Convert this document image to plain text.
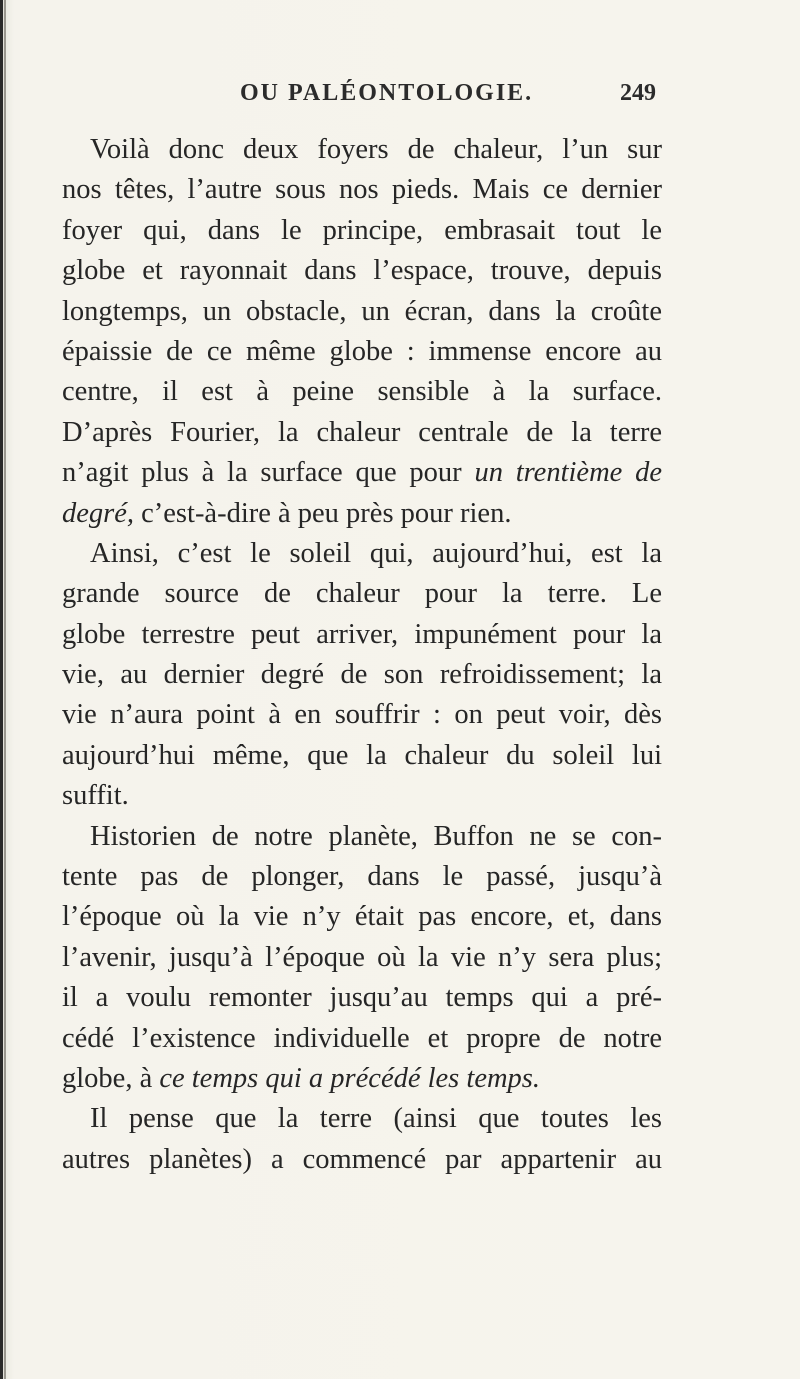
OU PALÉONTOLOGIE.	249
Voilà donc deux foyers de chaleur, l’un sur
nos têtes, l’autre sous nos pieds. Mais ce dernier
foyer qui, dans le principe, embrasait tout le
globe et rayonnait dans l’espace, trouve, depuis
longtemps, un obstacle, un écran, dans la croûte
épaissie de ce même globe : immense encore au
centre, il est à peine sensible à la surface.
D’après Fourier, la chaleur centrale de la terre
n’agit plus à la surface que pour un trentième de
degré, c’est-à-dire à peu près pour rien.
Ainsi, c’est le soleil qui, aujourd’hui, est la
grande source de chaleur pour la terre. Le
globe terrestre peut arriver, impunément pour la
vie, au dernier degré de son refroidissement; la
vie n’aura point à en souffrir : on peut voir, dès
aujourd’hui même, que la chaleur du soleil lui
suffit.
Historien de notre planète, Buffon ne se con-
tente pas de plonger, dans le passé, jusqu’à
l’époque où la vie n’y était pas encore, et, dans
l’avenir, jusqu’à l’époque où la vie n’y sera plus;
il a voulu remonter jusqu’au temps qui a pré-
cédé l’existence individuelle et propre de notre
globe, à ce temps qui a précédé les temps.
Il pense que la terre (ainsi que toutes les
autres planètes) a commencé par appartenir au
